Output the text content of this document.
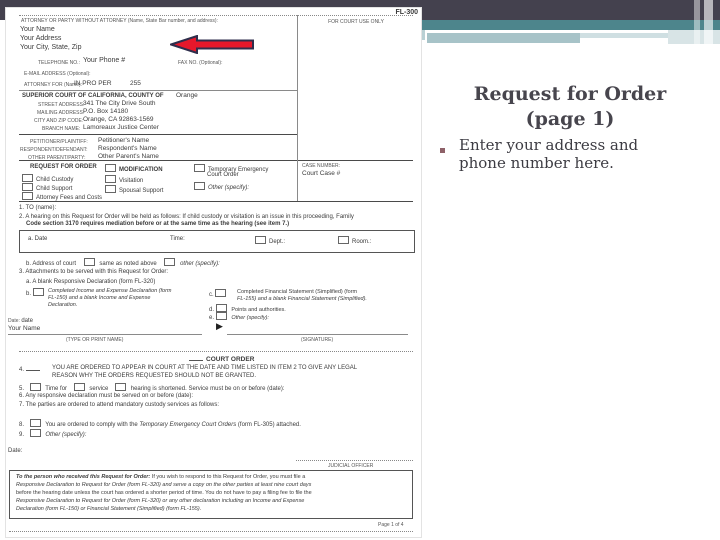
Request for Order
(page 1)
Enter your address and phone number here.
FL-300
FOR COURT USE ONLY
ATTORNEY OR PARTY WITHOUT ATTORNEY (Name, State Bar number, and address):
Your Name
Your Address
Your City, State, Zip
TELEPHONE NO.: Your Phone #	FAX NO. (Optional):
E-MAIL ADDRESS (Optional):
ATTORNEY FOR (Name):
IN PRO PER	255
SUPERIOR COURT OF CALIFORNIA, COUNTY OF Orange
STREET ADDRESS:
341 The City Drive South
MAILING ADDRESS:
P.O. Box 14180
CITY AND ZIP CODE: Orange, CA 92863-1569
BRANCH NAME: Lamoreaux Justice Center
PETITIONER/PLAINTIFF: Petitioner's Name
RESPONDENT/DEFENDANT: Respondent's Name
OTHER PARENT/PARTY: Other Parent's Name
REQUEST FOR ORDER
Child Custody
Child Support
Attorney Fees and Costs
MODIFICATION
Visitation
Spousal Support
Temporary Emergency
Court Order
Other (specify):
CASE NUMBER:
Court Case #
1. TO (name):
2. A hearing on this Request for Order will be held as follows: If child custody or visitation is an issue in this proceeding, Family
Code section 3170 requires mediation before or at the same time as the hearing (see item 7.)
a. Date	Time:	Dept.:	Room.:
b. Address of court	same as noted above	other (specify):
3. Attachments to be served with this Request for Order:
a. A blank Responsive Declaration (form FL-320)
b.	Completed Income and Expense Declaration (form
FL-150) and a blank Income and Expense
Declaration.
c.	Completed Financial Statement (Simplified) (form
FL-155) and a blank Financial Statement (Simplified).
d.	Points and authorities.
e.	Other (specify):
Date: date
Your Name
(TYPE OR PRINT NAME)
▶
(SIGNATURE)
COURT ORDER
4.	YOU ARE ORDERED TO APPEAR IN COURT AT THE DATE AND TIME LISTED IN ITEM 2 TO GIVE ANY LEGAL
REASON WHY THE ORDERS REQUESTED SHOULD NOT BE GRANTED.
5.	Time for	service	hearing is shortened. Service must be on or before (date):
6. Any responsive declaration must be served on or before (date):
7. The parties are ordered to attend mandatory custody services as follows:
8.	You are ordered to comply with the Temporary Emergency Court Orders (form FL-305) attached.
9.	Other (specify):
Date:
JUDICIAL OFFICER
To the person who received this Request for Order: If you wish to respond to this Request for Order, you must file a
Responsive Declaration to Request for Order (form FL-320) and serve a copy on the other parties at least nine court days
before the hearing date unless the court has ordered a shorter period of time. You do not have to pay a filing fee to file the
Responsive Declaration to Request for Order (form FL-320) or any other declaration including an Income and Expense
Declaration (form FL-150) or Financial Statement (Simplified) (form FL-155).
Page 1 of 4
